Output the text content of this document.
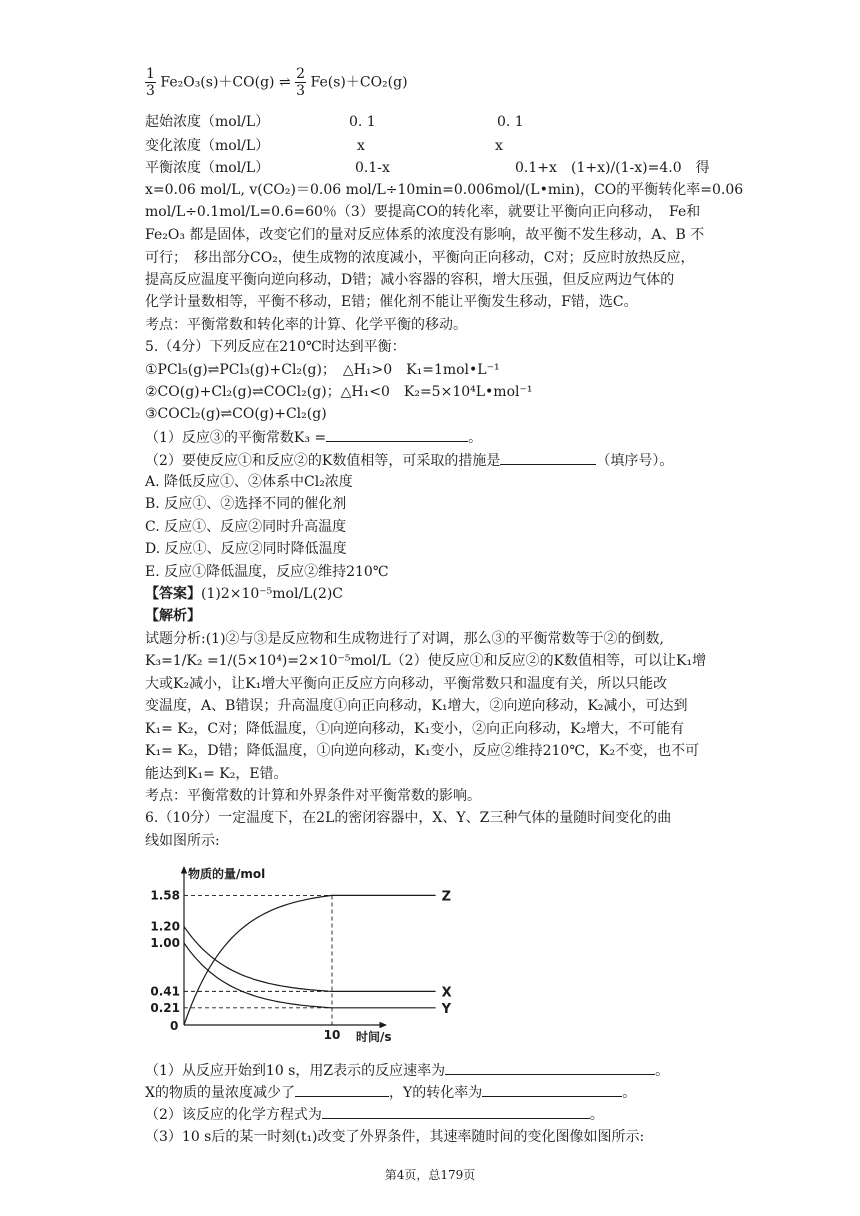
$\frac{1}{3} Fe_2O_3(s)+CO(g)$ ⇌ $\frac{2}{3} Fe(s)+CO_2(g)$
起始浓度（mol/L）	0. 1	0. 1
变化浓度（mol/L）	x	x
平衡浓度（mol/L）	0.1-x	0.1+x (1+x)/(1-x)=4.0　得
x=0.06 mol/L, v(CO₂)＝0.06 mol/L÷10min=0.006mol/(L•min)，CO的平衡转化率=0.06
mol/L÷0.1mol/L=0.6=60％（3）要提高CO的转化率，就要让平衡向正向移动，　Fe和
Fe₂O₃ 都是固体，改变它们的量对反应体系的浓度没有影响，故平衡不发生移动，A、B 不
可行；　移出部分CO₂，使生成物的浓度减小，平衡向正向移动，C对；反应时放热反应，
提高反应温度平衡向逆向移动，D错；减小容器的容积，增大压强，但反应两边气体的
化学计量数相等，平衡不移动，E错；催化剂不能让平衡发生移动，F错，选C。
考点：平衡常数和转化率的计算、化学平衡的移动。
5.（4分）下列反应在210℃时达到平衡：
①PCl₅(g)⇌PCl₃(g)+Cl₂(g)；　△H₁>0　K₁=1mol•L⁻¹
②CO(g)+Cl₂(g)⇌COCl₂(g)；△H₁<0　K₂=5×10⁴L•mol⁻¹
③COCl₂(g)⇌CO(g)+Cl₂(g)
（1）反应③的平衡常数K₃ =	。
（2）要使反应①和反应②的K数值相等，可采取的措施是	（填序号）。
A. 降低反应①、②体系中Cl₂浓度
B. 反应①、②选择不同的催化剂
C. 反应①、反应②同时升高温度
D. 反应①、反应②同时降低温度
E. 反应①降低温度，反应②维持210℃
【答案】(1)2×10⁻⁵mol/L(2)C
【解析】
试题分析:(1)②与③是反应物和生成物进行了对调，那么③的平衡常数等于②的倒数,
K₃=1/K₂ =1/(5×10⁴)=2×10⁻⁵mol/L（2）使反应①和反应②的K数值相等，可以让K₁增
大或K₂减小，让K₁增大平衡向正反应方向移动，平衡常数只和温度有关，所以只能改
变温度，A、B错误；升高温度①向正向移动，K₁增大，②向逆向移动，K₂减小，可达到
K₁= K₂，C对；降低温度，①向逆向移动，K₁变小，②向正向移动，K₂增大，不可能有
K₁= K₂，D错；降低温度，①向逆向移动，K₁变小，反应②维持210℃，K₂不变，也不可
能达到K₁= K₂，E错。
考点：平衡常数的计算和外界条件对平衡常数的影响。
6.（10分）一定温度下，在2L的密闭容器中，X、Y、Z三种气体的量随时间变化的曲
线如图所示:
物质的量/mol
时间/s
0
0.21
0.41
1.00
1.20
1.58
10
Z
X
Y
（1）从反应开始到10 s，用Z表示的反应速率为	。
X的物质的量浓度减少了	，Y的转化率为	。
（2）该反应的化学方程式为	。
（3）10 s后的某一时刻(t₁)改变了外界条件，其速率随时间的变化图像如图所示:
第4页，总179页
